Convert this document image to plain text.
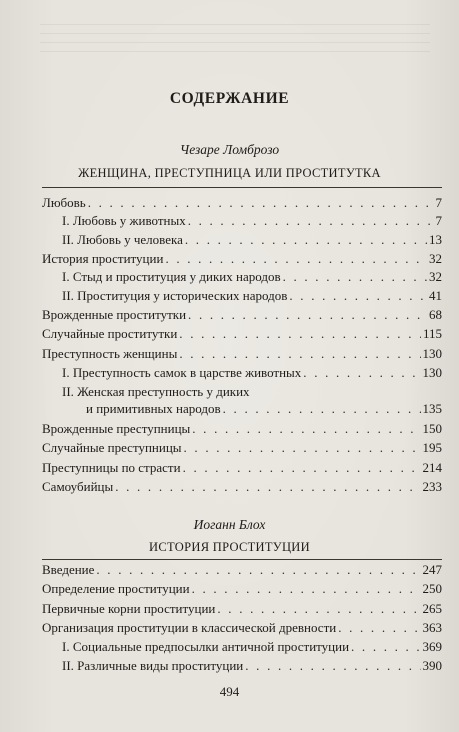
СОДЕРЖАНИЕ
Чезаре Ломброзо
ЖЕНЩИНА, ПРЕСТУПНИЦА ИЛИ ПРОСТИТУТКА
Любовь . . .	7
I. Любовь у животных . . .	7
II. Любовь у человека . . .	13
История проституции . . .	32
I. Стыд и проституция у диких народов . . .	32
II. Проституция у исторических народов . . .	41
Врожденные проститутки . . .	68
Случайные проститутки . . .	115
Преступность женщины . . .	130
I. Преступность самок в царстве животных . . .	130
II. Женская преступность у диких
и примитивных народов . . .	135
Врожденные преступницы . . .	150
Случайные преступницы . . .	195
Преступницы по страсти . . .	214
Самоубийцы . . .	233
Иоганн Блох
ИСТОРИЯ ПРОСТИТУЦИИ
Введение . . .	247
Определение проституции . . .	250
Первичные корни проституции . . .	265
Организация проституции в классической древности . . .	363
I. Социальные предпосылки античной проституции . . .	369
II. Различные виды проституции . . .	390
494
